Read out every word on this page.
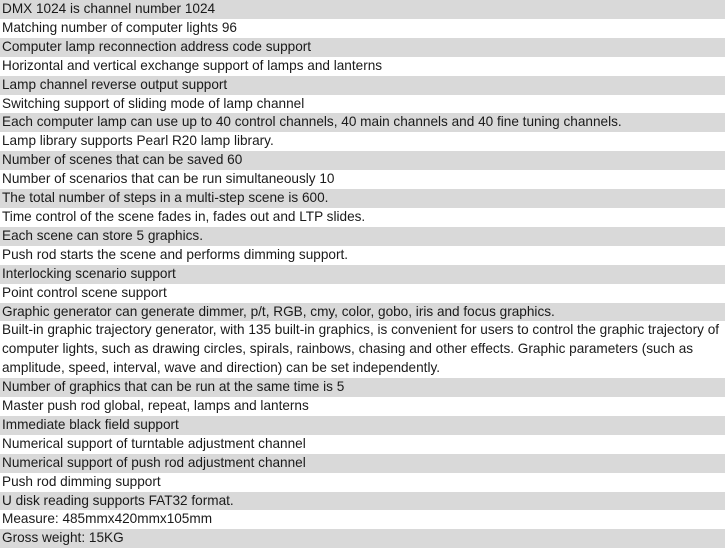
DMX 1024 is channel number 1024
Matching number of computer lights 96
Computer lamp reconnection address code support
Horizontal and vertical exchange support of lamps and lanterns
Lamp channel reverse output support
Switching support of sliding mode of lamp channel
Each computer lamp can use up to 40 control channels, 40 main channels and 40 fine tuning channels.
Lamp library supports Pearl R20 lamp library.
Number of scenes that can be saved 60
Number of scenarios that can be run simultaneously 10
The total number of steps in a multi-step scene is 600.
Time control of the scene fades in, fades out and LTP slides.
Each scene can store 5 graphics.
Push rod starts the scene and performs dimming support.
Interlocking scenario support
Point control scene support
Graphic generator can generate dimmer, p/t, RGB, cmy, color, gobo, iris and focus graphics.
Built-in graphic trajectory generator, with 135 built-in graphics, is convenient for users to control the graphic trajectory of computer lights, such as drawing circles, spirals, rainbows, chasing and other effects. Graphic parameters (such as amplitude, speed, interval, wave and direction) can be set independently.
Number of graphics that can be run at the same time is 5
Master push rod global, repeat, lamps and lanterns
Immediate black field support
Numerical support of turntable adjustment channel
Numerical support of push rod adjustment channel
Push rod dimming support
U disk reading supports FAT32 format.
Measure: 485mmx420mmx105mm
Gross weight: 15KG
